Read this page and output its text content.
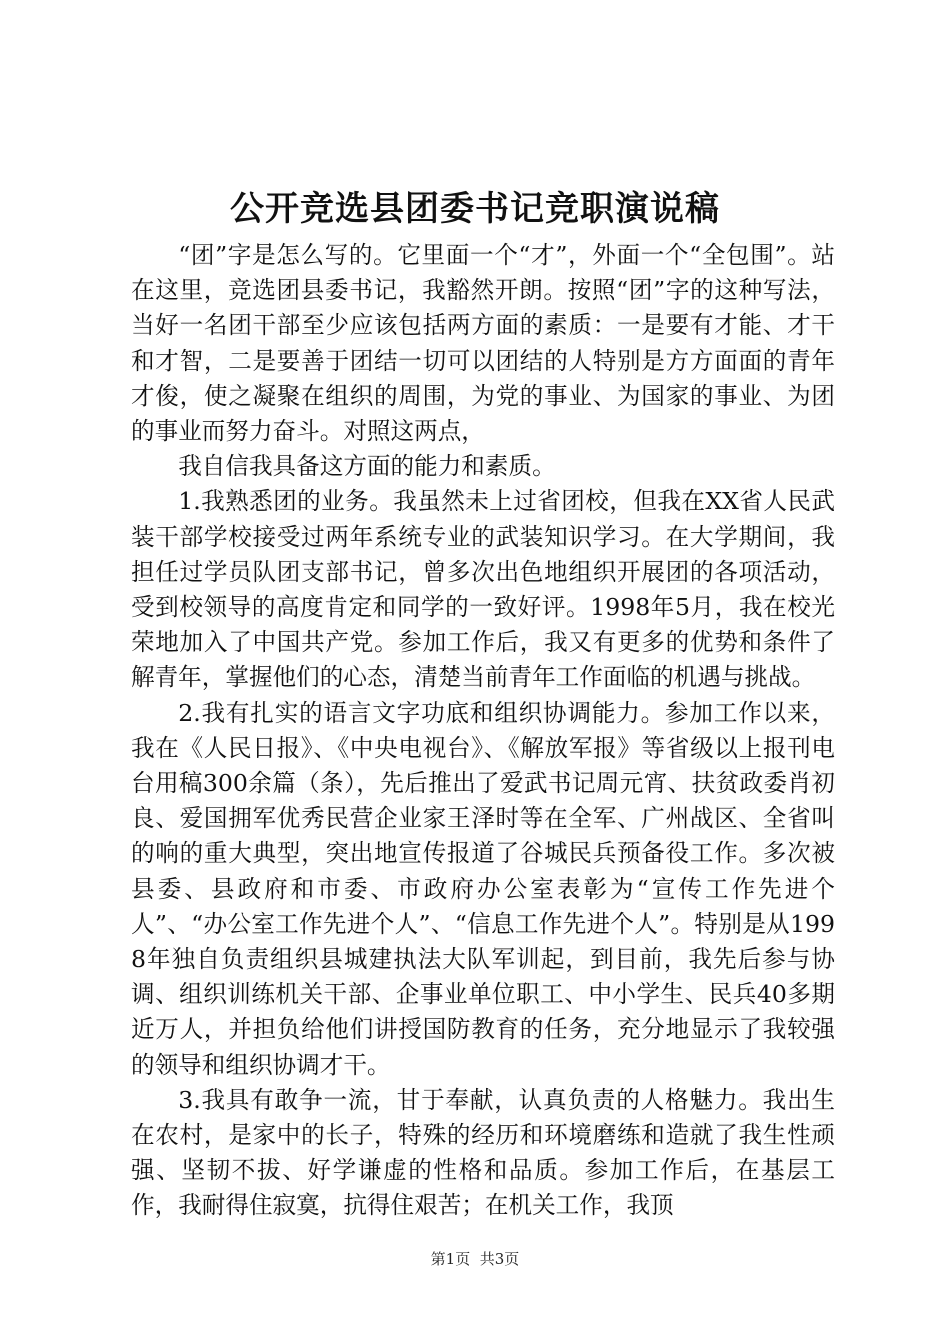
公开竞选县团委书记竞职演说稿

“团”字是怎么写的。它里面一个“才”，外面一个“全包围”。站在这里，竞选团县委书记，我豁然开朗。按照“团”字的这种写法，当好一名团干部至少应该包括两方面的素质：一是要有才能、才干和才智，二是要善于团结一切可以团结的人特别是方方面面的青年才俊，使之凝聚在组织的周围，为党的事业、为国家的事业、为团的事业而努力奋斗。对照这两点，

我自信我具备这方面的能力和素质。

1.我熟悉团的业务。我虽然未上过省团校，但我在XX省人民武装干部学校接受过两年系统专业的武装知识学习。在大学期间，我担任过学员队团支部书记，曾多次出色地组织开展团的各项活动，受到校领导的高度肯定和同学的一致好评。1998年5月，我在校光荣地加入了中国共产党。参加工作后，我又有更多的优势和条件了解青年，掌握他们的心态，清楚当前青年工作面临的机遇与挑战。

2.我有扎实的语言文字功底和组织协调能力。参加工作以来，我在《人民日报》、《中央电视台》、《解放军报》等省级以上报刊电台用稿300余篇（条），先后推出了爱武书记周元宵、扶贫政委肖初良、爱国拥军优秀民营企业家王泽时等在全军、广州战区、全省叫的响的重大典型，突出地宣传报道了谷城民兵预备役工作。多次被县委、县政府和市委、市政府办公室表彰为“宣传工作先进个人”、“办公室工作先进个人”、“信息工作先进个人”。特别是从1998年独自负责组织县城建执法大队军训起，到目前，我先后参与协调、组织训练机关干部、企事业单位职工、中小学生、民兵40多期近万人，并担负给他们讲授国防教育的任务，充分地显示了我较强的领导和组织协调才干。

3.我具有敢争一流，甘于奉献，认真负责的人格魅力。我出生在农村，是家中的长子，特殊的经历和环境磨练和造就了我生性顽强、坚韧不拔、好学谦虚的性格和品质。参加工作后，在基层工作，我耐得住寂寞，抗得住艰苦；在机关工作，我顶

第1页 共3页
